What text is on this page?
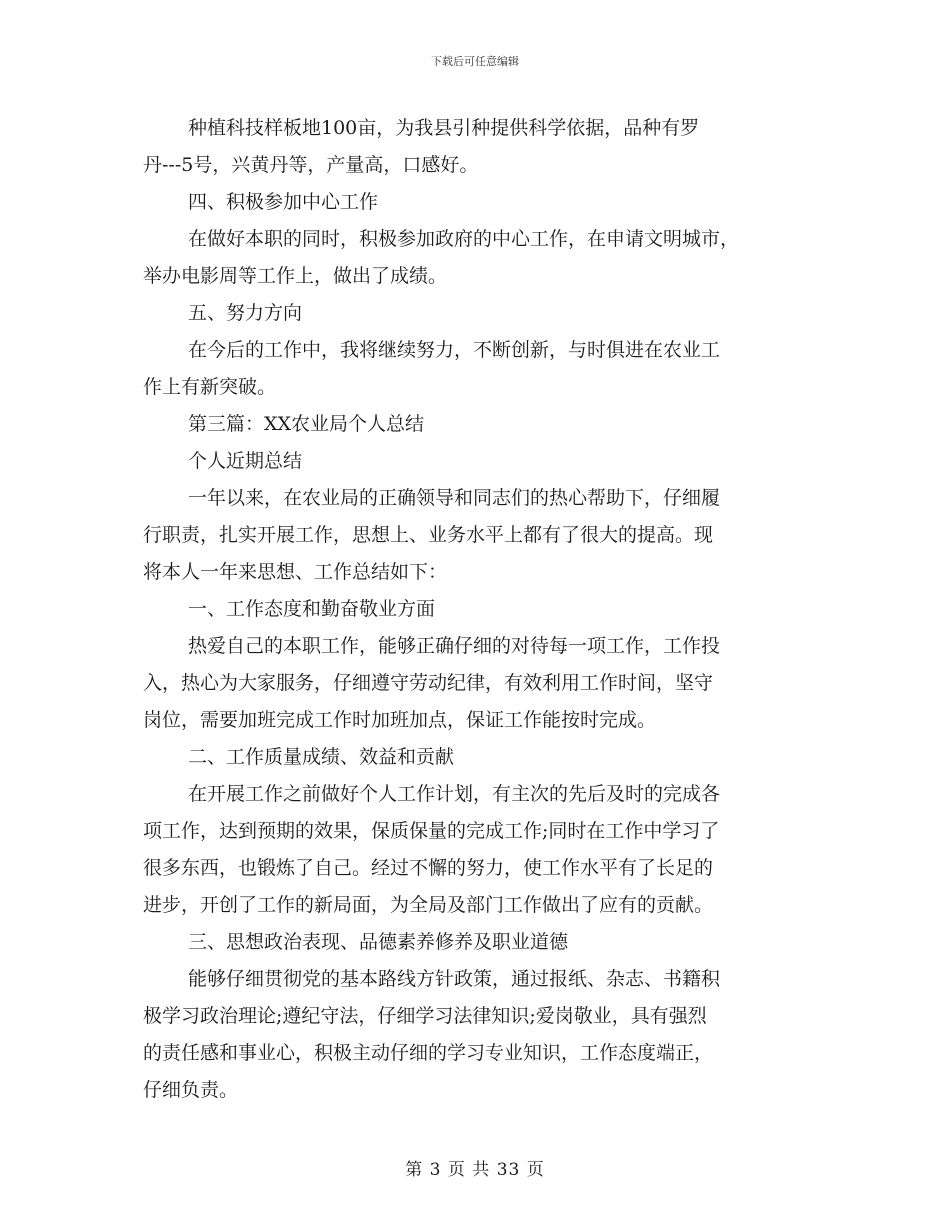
下载后可任意编辑
种植科技样板地100亩，为我县引种提供科学依据，品种有罗
丹---5号，兴黄丹等，产量高，口感好。
四、积极参加中心工作
在做好本职的同时，积极参加政府的中心工作，在申请文明城市，
举办电影周等工作上，做出了成绩。
五、努力方向
在今后的工作中，我将继续努力，不断创新，与时俱进在农业工
作上有新突破。
第三篇：XX农业局个人总结
个人近期总结
一年以来，在农业局的正确领导和同志们的热心帮助下，仔细履
行职责，扎实开展工作，思想上、业务水平上都有了很大的提高。现
将本人一年来思想、工作总结如下：
一、工作态度和勤奋敬业方面
热爱自己的本职工作，能够正确仔细的对待每一项工作，工作投
入，热心为大家服务，仔细遵守劳动纪律，有效利用工作时间，坚守
岗位，需要加班完成工作时加班加点，保证工作能按时完成。
二、工作质量成绩、效益和贡献
在开展工作之前做好个人工作计划，有主次的先后及时的完成各
项工作，达到预期的效果，保质保量的完成工作;同时在工作中学习了
很多东西，也锻炼了自己。经过不懈的努力，使工作水平有了长足的
进步，开创了工作的新局面，为全局及部门工作做出了应有的贡献。
三、思想政治表现、品德素养修养及职业道德
能够仔细贯彻党的基本路线方针政策，通过报纸、杂志、书籍积
极学习政治理论;遵纪守法，仔细学习法律知识;爱岗敬业，具有强烈
的责任感和事业心，积极主动仔细的学习专业知识，工作态度端正，
仔细负责。
第 3 页 共 33 页
